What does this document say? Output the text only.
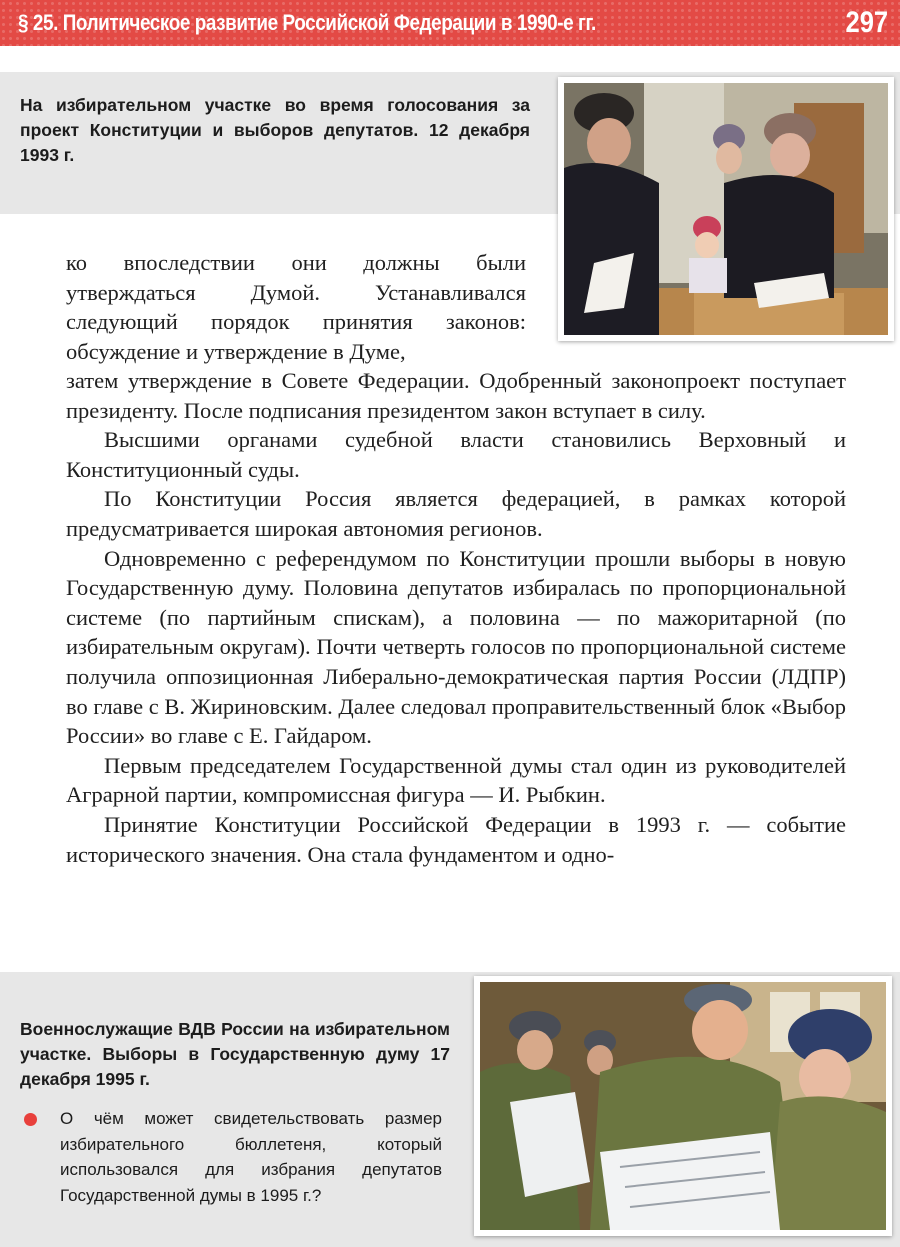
§ 25. Политическое развитие Российской Федерации в 1990-е гг.	297
На избирательном участке во время голосования за проект Конституции и выборов депутатов. 12 декабря 1993 г.

ко впоследствии они должны были утверждаться Думой. Устанавливался следующий порядок принятия законов: обсуждение и утверждение в Думе,

затем утверждение в Совете Федерации. Одобренный законопроект поступает президенту. После подписания президентом закон вступает в силу.

Высшими органами судебной власти становились Верховный и Конституционный суды.

По Конституции Россия является федерацией, в рамках которой предусматривается широкая автономия регионов.

Одновременно с референдумом по Конституции прошли выборы в новую Государственную думу. Половина депутатов избиралась по пропорциональной системе (по партийным спискам), а половина — по мажоритарной (по избирательным округам). Почти четверть голосов по пропорциональной системе получила оппозиционная Либерально-демократическая партия России (ЛДПР) во главе с В. Жириновским. Далее следовал проправительственный блок «Выбор России» во главе с Е. Гайдаром.

Первым председателем Государственной думы стал один из руководителей Аграрной партии, компромиссная фигура — И. Рыбкин.

Принятие Конституции Российской Федерации в 1993 г. — событие исторического значения. Она стала фундаментом и одно-

Военнослужащие ВДВ России на избирательном участке. Выборы в Государственную думу 17 декабря 1995 г.
О чём может свидетельствовать размер избирательного бюллетеня, который использовался для избрания депутатов Государственной думы в 1995 г.?
